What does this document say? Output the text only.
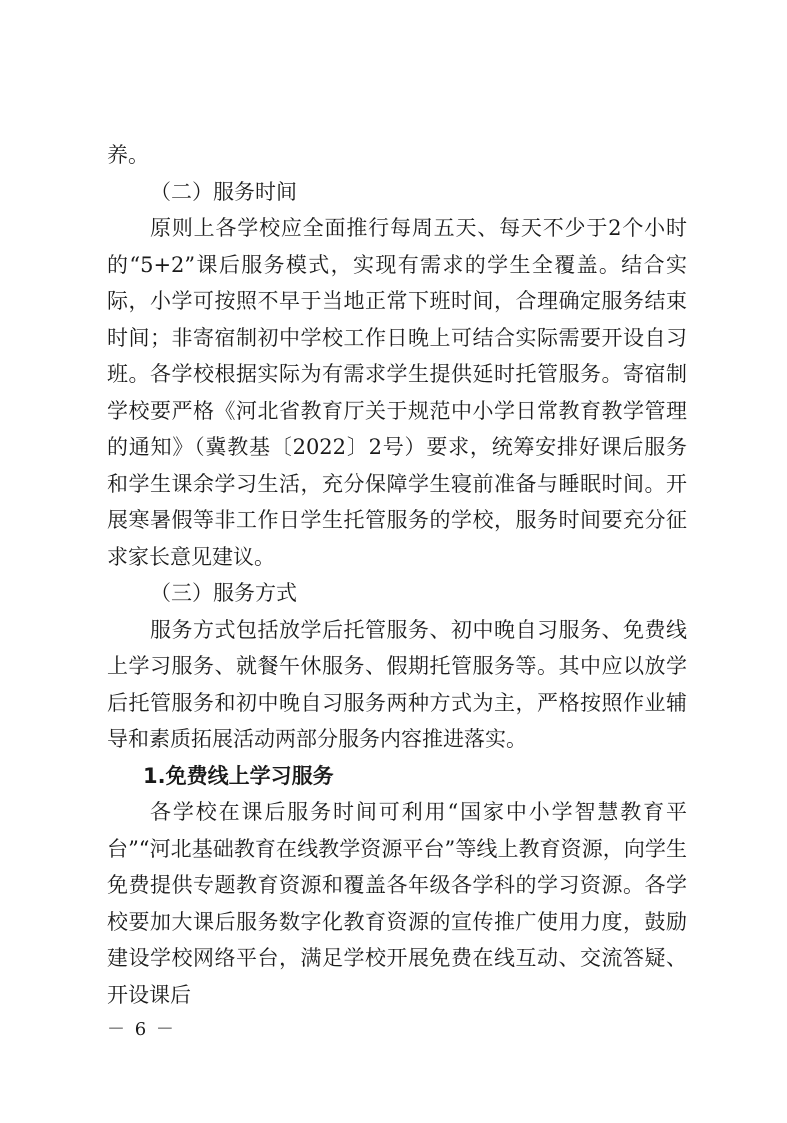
养。

（二）服务时间

原则上各学校应全面推行每周五天、每天不少于2个小时的“5+2”课后服务模式，实现有需求的学生全覆盖。结合实际，小学可按照不早于当地正常下班时间，合理确定服务结束时间；非寄宿制初中学校工作日晚上可结合实际需要开设自习班。各学校根据实际为有需求学生提供延时托管服务。寄宿制学校要严格《河北省教育厅关于规范中小学日常教育教学管理的通知》（冀教基〔2022〕2号）要求，统筹安排好课后服务和学生课余学习生活，充分保障学生寝前准备与睡眠时间。开展寒暑假等非工作日学生托管服务的学校，服务时间要充分征求家长意见建议。

（三）服务方式

服务方式包括放学后托管服务、初中晚自习服务、免费线上学习服务、就餐午休服务、假期托管服务等。其中应以放学后托管服务和初中晚自习服务两种方式为主，严格按照作业辅导和素质拓展活动两部分服务内容推进落实。

1.免费线上学习服务

各学校在课后服务时间可利用“国家中小学智慧教育平台”“河北基础教育在线教学资源平台”等线上教育资源，向学生免费提供专题教育资源和覆盖各年级各学科的学习资源。各学校要加大课后服务数字化教育资源的宣传推广使用力度，鼓励建设学校网络平台，满足学校开展免费在线互动、交流答疑、开设课后

－ 6 －
